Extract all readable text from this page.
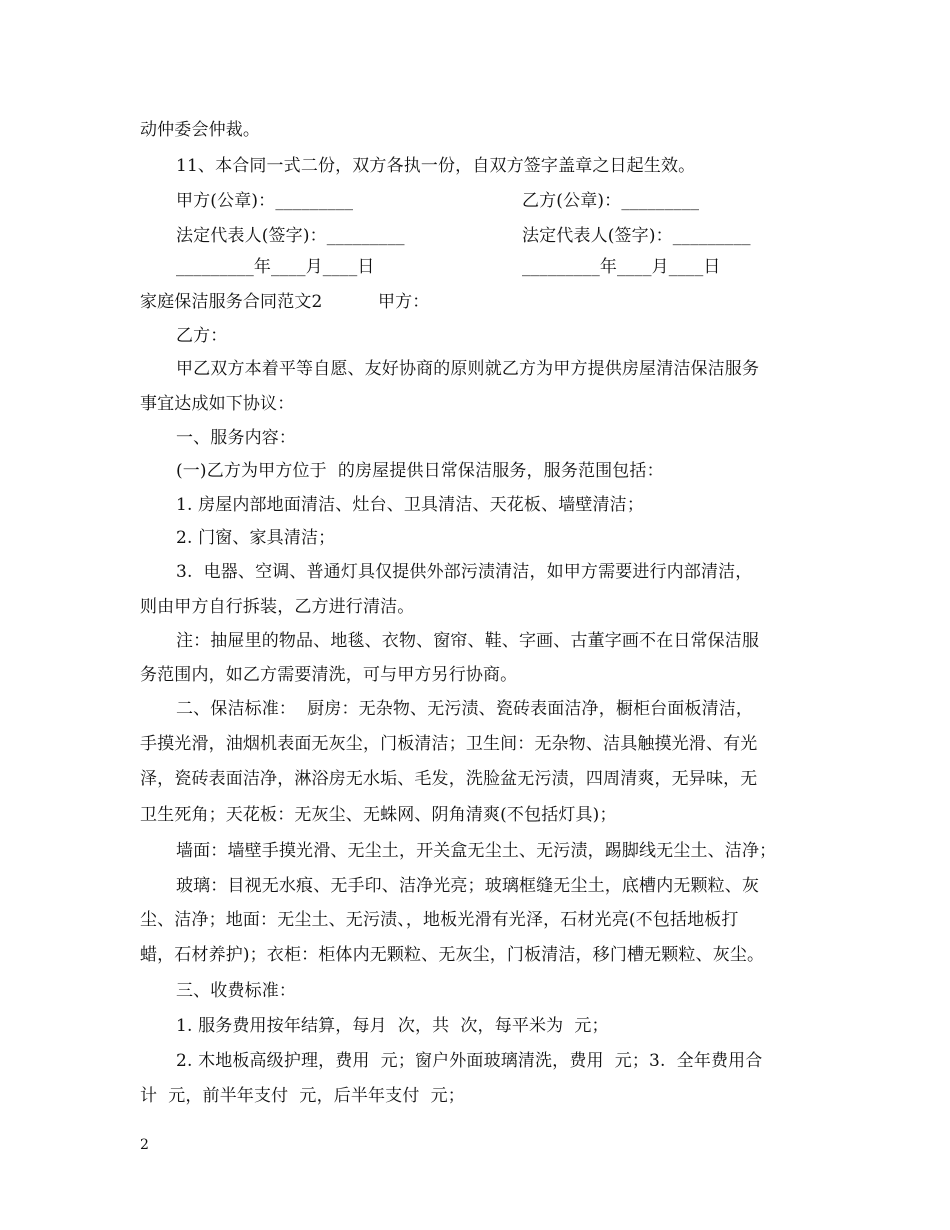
动仲委会仲裁。
11、本合同一式二份，双方各执一份，自双方签字盖章之日起生效。
甲方(公章)：_________	乙方(公章)：_________
法定代表人(签字)：_________	法定代表人(签字)：_________
_________年____月____日	_________年____月____日
家庭保洁服务合同范文2	甲方：
乙方：
甲乙双方本着平等自愿、友好协商的原则就乙方为甲方提供房屋清洁保洁服务
事宜达成如下协议：
一、服务内容：
(一)乙方为甲方位于  的房屋提供日常保洁服务，服务范围包括：
1. 房屋内部地面清洁、灶台、卫具清洁、天花板、墙壁清洁；
2. 门窗、家具清洁；
3.  电器、空调、普通灯具仅提供外部污渍清洁，如甲方需要进行内部清洁，
则由甲方自行拆装，乙方进行清洁。
注：抽屉里的物品、地毯、衣物、窗帘、鞋、字画、古董字画不在日常保洁服
务范围内，如乙方需要清洗，可与甲方另行协商。
二、保洁标准：  厨房：无杂物、无污渍、瓷砖表面洁净，橱柜台面板清洁，
手摸光滑，油烟机表面无灰尘，门板清洁；卫生间：无杂物、洁具触摸光滑、有光
泽，瓷砖表面洁净，淋浴房无水垢、毛发，洗脸盆无污渍，四周清爽，无异味，无
卫生死角；天花板：无灰尘、无蛛网、阴角清爽(不包括灯具)；
墙面：墙壁手摸光滑、无尘土，开关盒无尘土、无污渍，踢脚线无尘土、洁净；
玻璃：目视无水痕、无手印、洁净光亮；玻璃框缝无尘土，底槽内无颗粒、灰
尘、洁净；地面：无尘土、无污渍、，地板光滑有光泽，石材光亮(不包括地板打
蜡，石材养护)；衣柜：柜体内无颗粒、无灰尘，门板清洁，移门槽无颗粒、灰尘。
三、收费标准：
1. 服务费用按年结算，每月  次，共  次，每平米为  元；
2. 木地板高级护理，费用  元；窗户外面玻璃清洗，费用  元；3.  全年费用合
计  元，前半年支付  元，后半年支付  元；
2
